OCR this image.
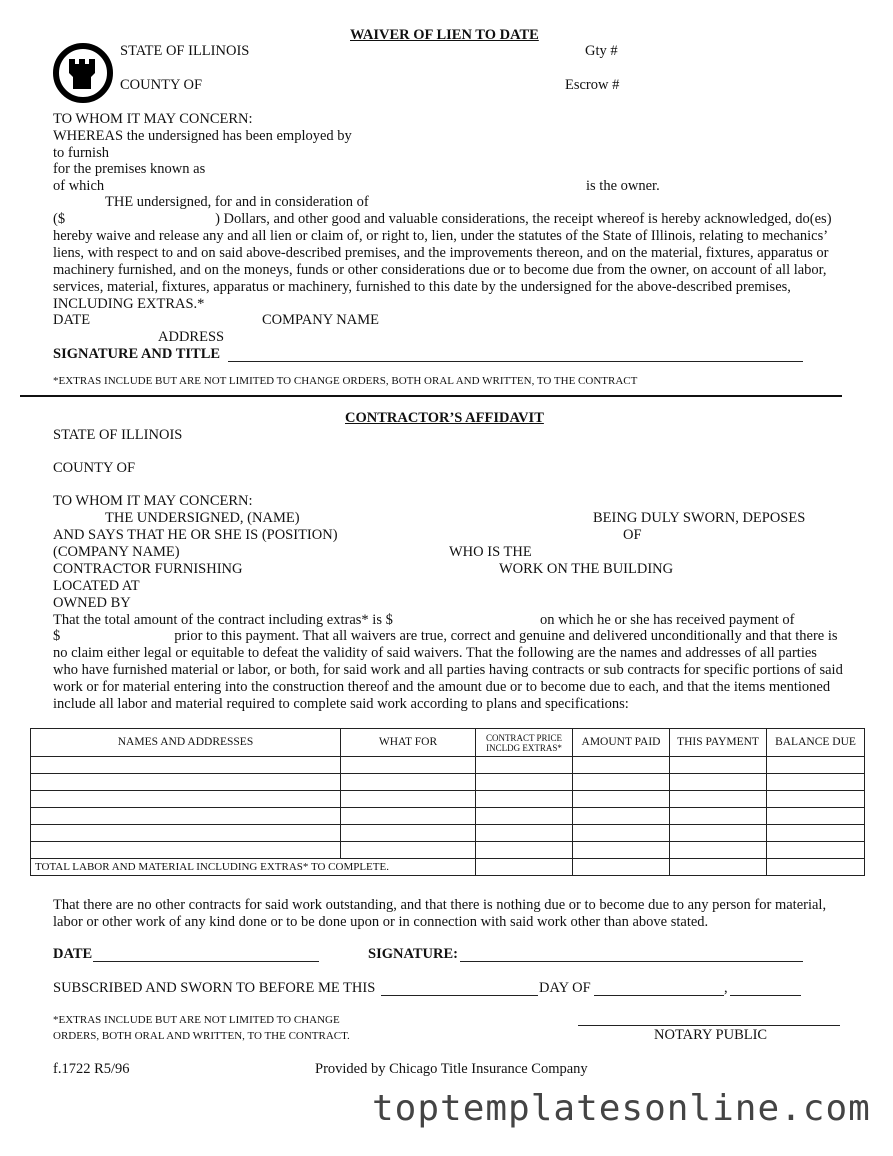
WAIVER OF LIEN TO DATE
STATE OF ILLINOIS	Gty #
COUNTY OF	Escrow #
TO WHOM IT MAY CONCERN:
WHEREAS the undersigned has been employed by
to furnish
for the premises known as
of which	is the owner.
THE undersigned, for and in consideration of
($	) Dollars, and other good and valuable considerations, the receipt whereof is hereby acknowledged, do(es) hereby waive and release any and all lien or claim of, or right to, lien, under the statutes of the State of Illinois, relating to mechanics’ liens, with respect to and on said above-described premises, and the improvements thereon, and on the material, fixtures, apparatus or machinery furnished, and on the moneys, funds or other considerations due or to become due from the owner, on account of all labor, services, material, fixtures, apparatus or machinery, furnished to this date by the undersigned for the above-described premises, INCLUDING EXTRAS.*
DATE	COMPANY NAME
ADDRESS
SIGNATURE AND TITLE
*EXTRAS INCLUDE BUT ARE NOT LIMITED TO CHANGE ORDERS, BOTH ORAL AND WRITTEN, TO THE CONTRACT
CONTRACTOR’S AFFIDAVIT
STATE OF ILLINOIS
COUNTY OF
TO WHOM IT MAY CONCERN:
THE UNDERSIGNED, (NAME)	BEING DULY SWORN, DEPOSES
AND SAYS THAT HE OR SHE IS (POSITION)	OF
(COMPANY NAME)	WHO IS THE
CONTRACTOR FURNISHING	WORK ON THE BUILDING
LOCATED AT
OWNED BY
That the total amount of the contract including extras* is $	on which he or she has received payment of
$	prior to this payment. That all waivers are true, correct and genuine and delivered unconditionally and that there is no claim either legal or equitable to defeat the validity of said waivers. That the following are the names and addresses of all parties who have furnished material or labor, or both, for said work and all parties having contracts or sub contracts for specific portions of said work or for material entering into the construction thereof and the amount due or to become due to each, and that the items mentioned include all labor and material required to complete said work according to plans and specifications:
NAMES AND ADDRESSES	WHAT FOR	CONTRACT PRICE INCLDG EXTRAS*	AMOUNT PAID	THIS PAYMENT	BALANCE DUE

TOTAL LABOR AND MATERIAL INCLUDING EXTRAS* TO COMPLETE.					
That there are no other contracts for said work outstanding, and that there is nothing due or to become due to any person for material, labor or other work of any kind done or to be done upon or in connection with said work other than above stated.
DATE	SIGNATURE:
SUBSCRIBED AND SWORN TO BEFORE ME THIS	DAY OF	,
*EXTRAS INCLUDE BUT ARE NOT LIMITED TO CHANGE
ORDERS, BOTH ORAL AND WRITTEN, TO THE CONTRACT.	NOTARY PUBLIC
f.1722 R5/96	Provided by Chicago Title Insurance Company
toptemplatesonline.com
